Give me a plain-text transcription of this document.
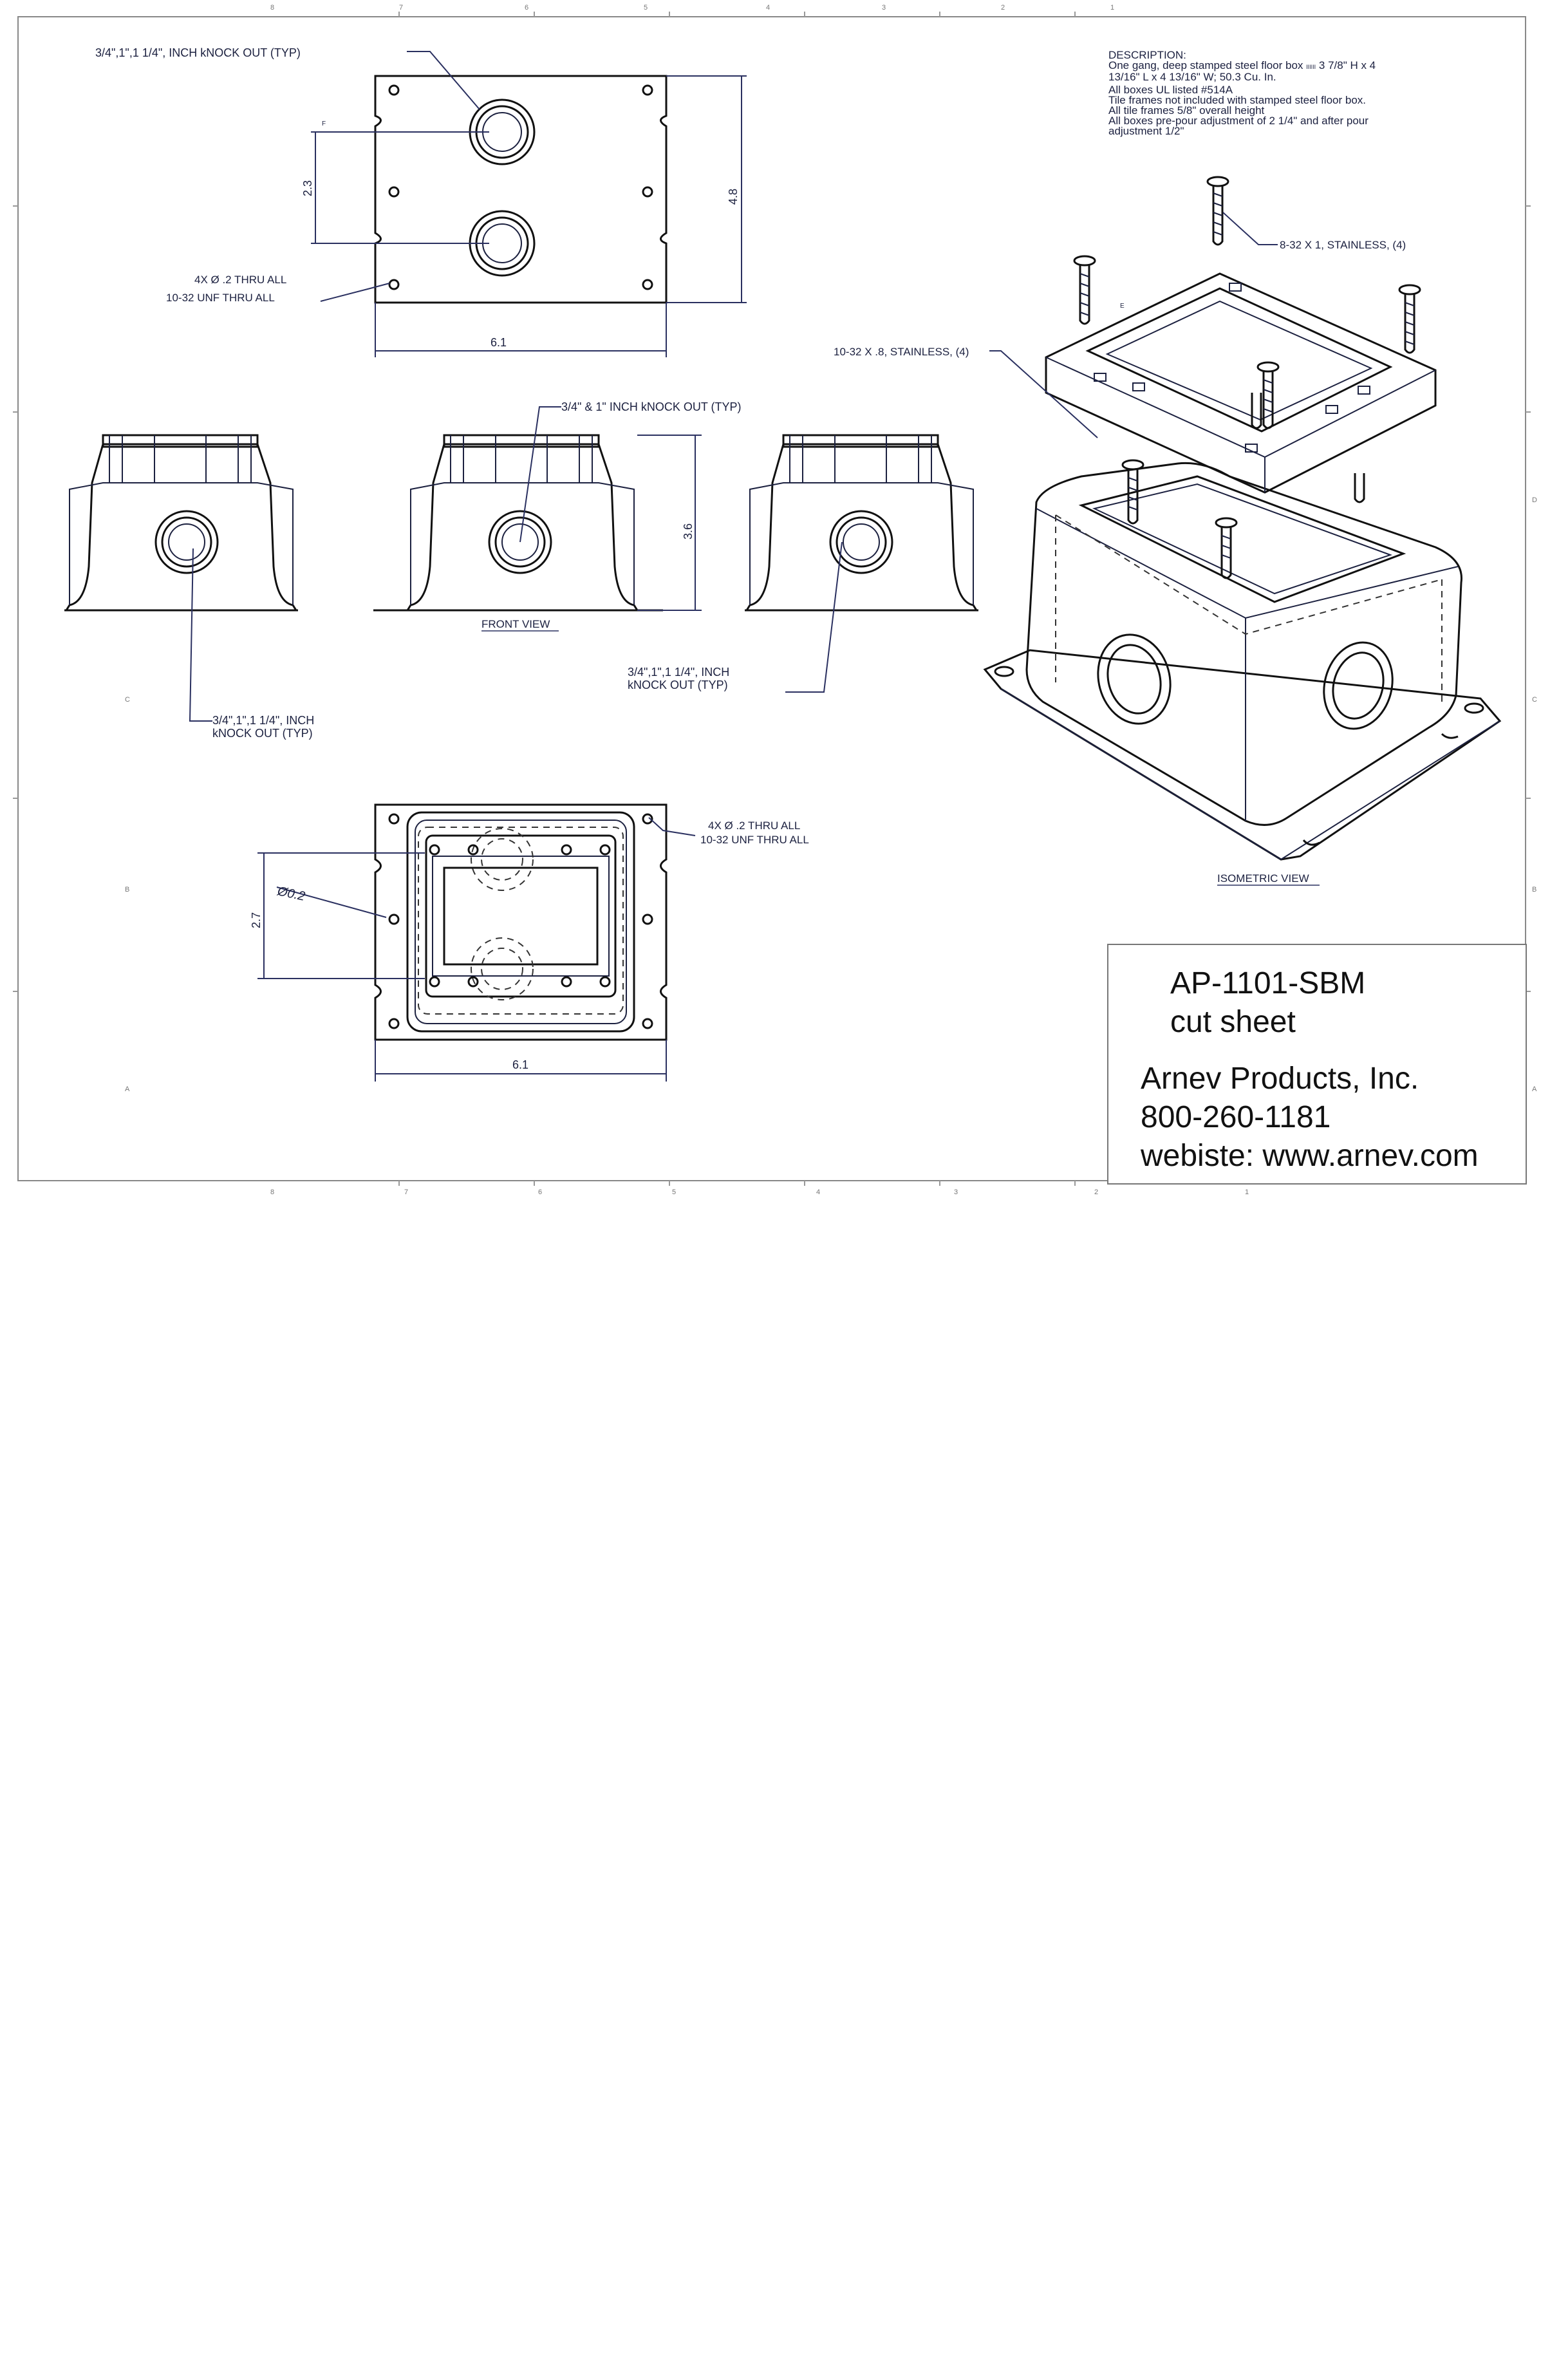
8	7	6	5	4	3	2	1
8	7	6	5	4	3	2	1
C
B
A
D
C
B
A
3/4",1",1 1/4", INCH kNOCK OUT (TYP)
2.3
F
4.8
6.1
4X Ø .2 THRU ALL
10-32 UNF THRU ALL
3/4",1",1 1/4", INCH
kNOCK OUT (TYP)
3/4" & 1" INCH kNOCK OUT (TYP)
3.6
FRONT VIEW
3/4",1",1 1/4", INCH
kNOCK OUT (TYP)
4X Ø .2 THRU ALL
10-32 UNF THRU ALL
2.7
Ø0.2
6.1
8-32 X 1, STAINLESS, (4)
10-32 X .8, STAINLESS, (4)
E
ISOMETRIC VIEW

DESCRIPTION:

One gang, deep stamped steel floor box IIIIII 3 7/8" H x 4

13/16" L x 4 13/16" W; 50.3 Cu. In.

All boxes UL listed #514A

Tile frames not included with stamped steel floor box.

All tile frames 5/8" overall height

All boxes pre-pour adjustment of 2 1/4" and after pour

adjustment 1/2"

AP-1101-SBM
cut sheet
Arnev Products, Inc.
800-260-1181
webiste: www.arnev.com
